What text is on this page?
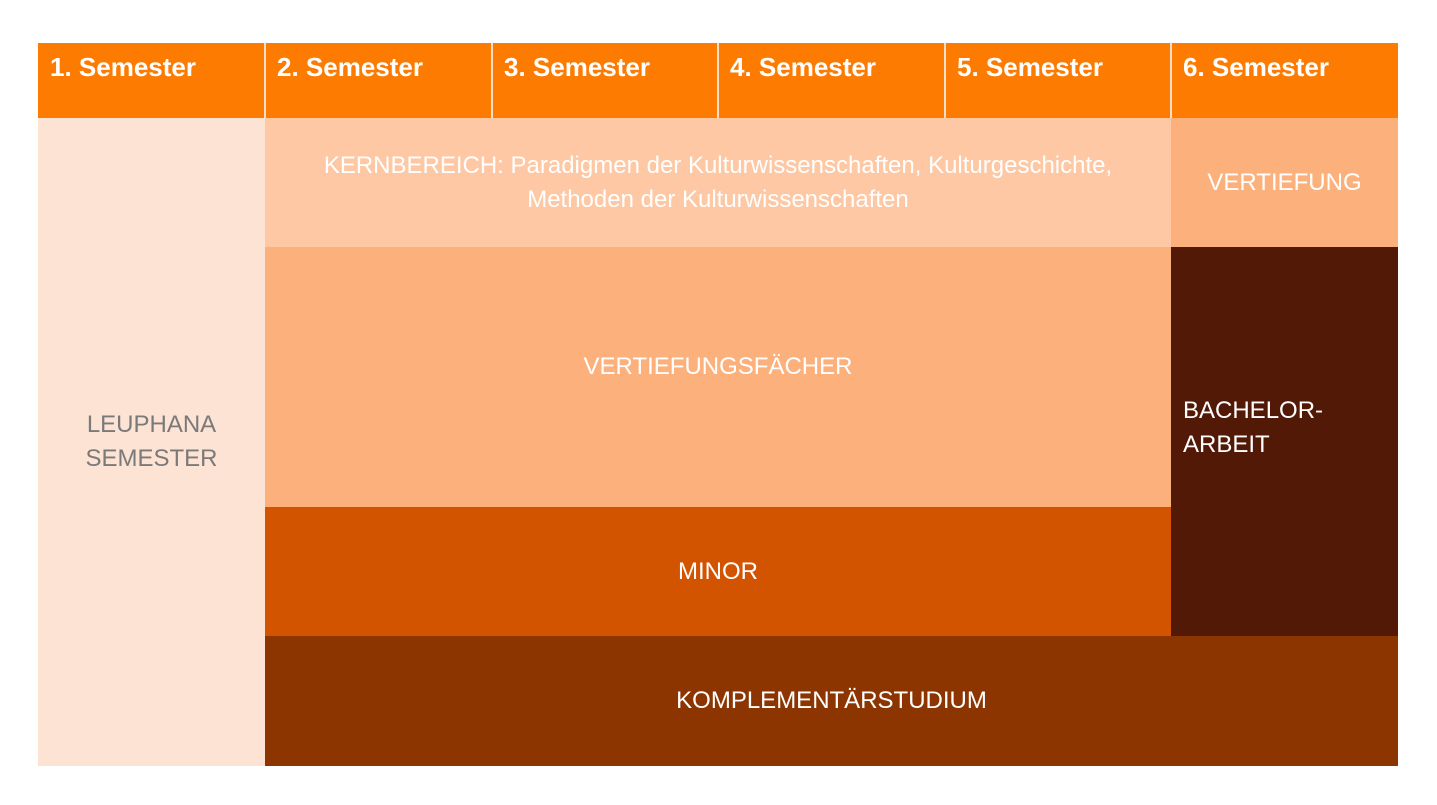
1. Semester	2. Semester	3. Semester	4. Semester	5. Semester	6. Semester
LEUPHANA
SEMESTER
KERNBEREICH: Paradigmen der Kulturwissenschaften, Kulturgeschichte,
Methoden der Kulturwissenschaften
VERTIEFUNG
VERTIEFUNGSFÄCHER
MINOR
BACHELOR-
ARBEIT
KOMPLEMENTÄRSTUDIUM
